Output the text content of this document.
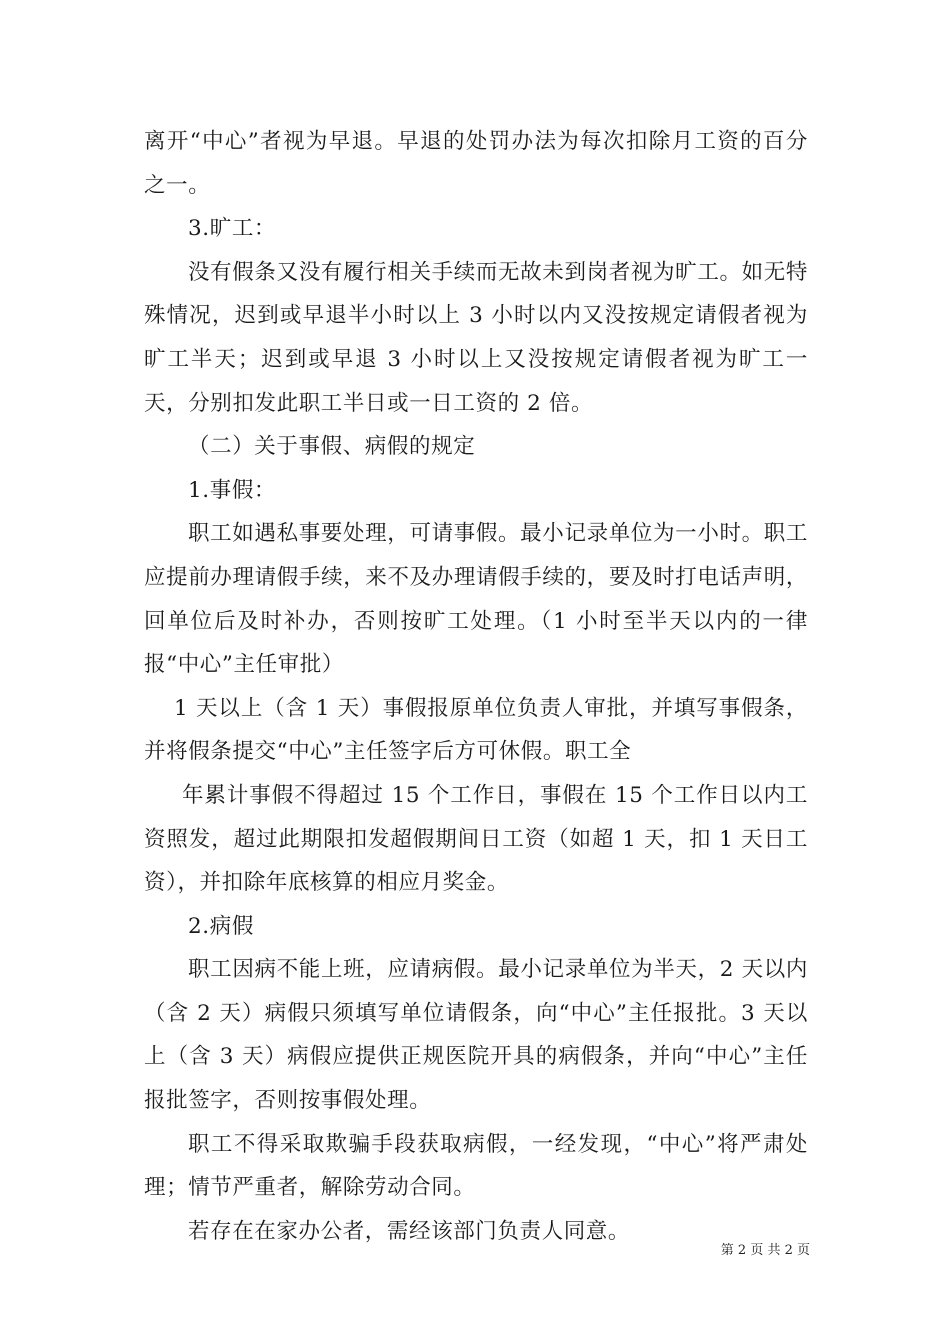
离开“中心”者视为早退。早退的处罚办法为每次扣除月工资的百分之一。

3.旷工：

没有假条又没有履行相关手续而无故未到岗者视为旷工。如无特殊情况，迟到或早退半小时以上 3 小时以内又没按规定请假者视为旷工半天；迟到或早退 3 小时以上又没按规定请假者视为旷工一天，分别扣发此职工半日或一日工资的 2 倍。

（二）关于事假、病假的规定

1.事假：

职工如遇私事要处理，可请事假。最小记录单位为一小时。职工应提前办理请假手续，来不及办理请假手续的，要及时打电话声明，回单位后及时补办，否则按旷工处理。（1 小时至半天以内的一律报“中心”主任审批）

1 天以上（含 1 天）事假报原单位负责人审批，并填写事假条，并将假条提交“中心”主任签字后方可休假。职工全

年累计事假不得超过 15 个工作日，事假在 15 个工作日以内工资照发，超过此期限扣发超假期间日工资（如超 1 天，扣 1 天日工资），并扣除年底核算的相应月奖金。

2.病假

职工因病不能上班，应请病假。最小记录单位为半天，2 天以内（含 2 天）病假只须填写单位请假条，向“中心”主任报批。3 天以上（含 3 天）病假应提供正规医院开具的病假条，并向“中心”主任报批签字，否则按事假处理。

职工不得采取欺骗手段获取病假，一经发现，“中心”将严肃处理；情节严重者，解除劳动合同。

若存在在家办公者，需经该部门负责人同意。

第 2 页 共 2 页
